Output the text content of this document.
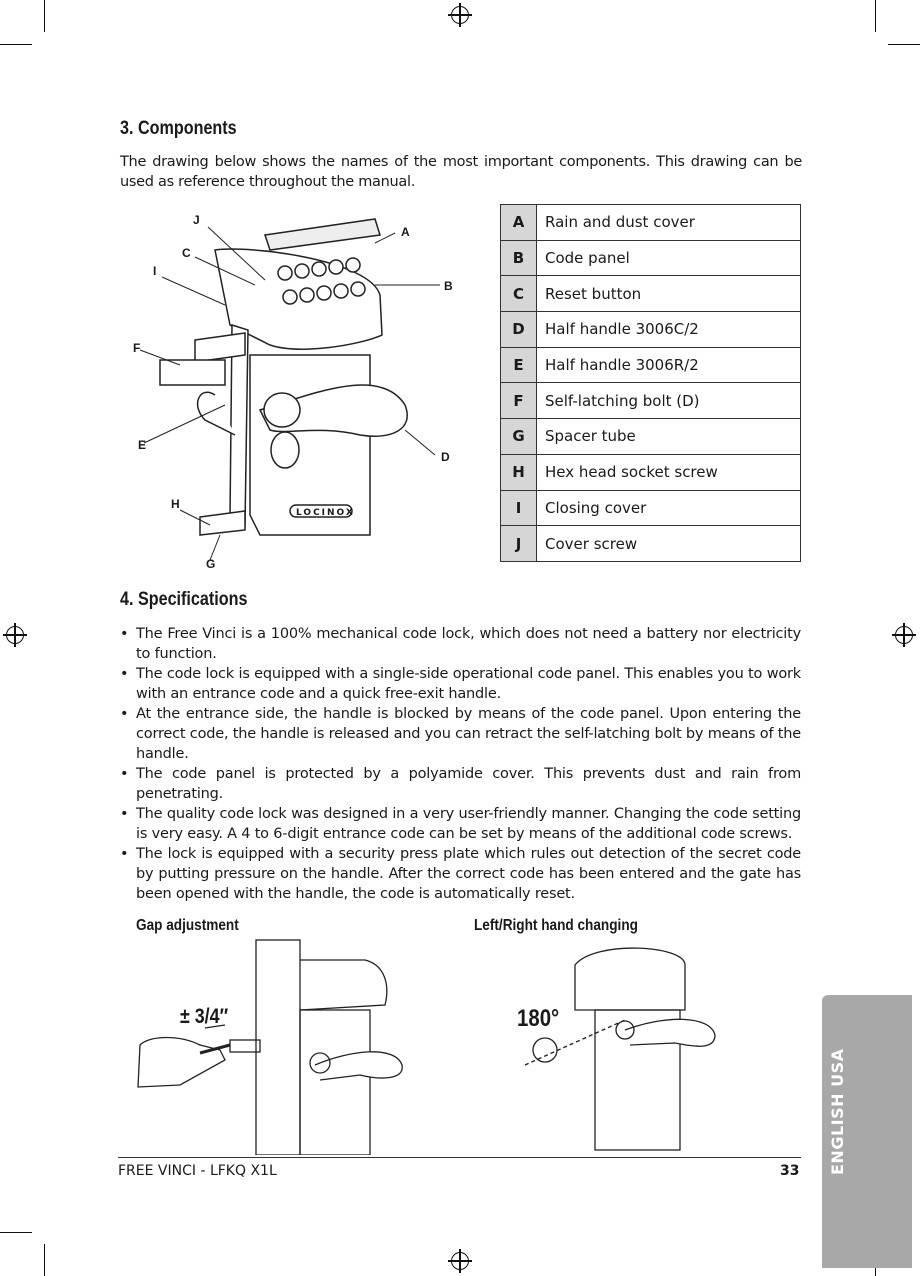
3. Components
The drawing below shows the names of the most important components. This drawing can be used as reference throughout the manual.
J
A
C
I
B
F
E
D
H
G
LOCINOX
A	Rain and dust cover
B	Code panel
C	Reset button
D	Half handle 3006C/2
E	Half handle 3006R/2
F	Self-latching bolt (D)
G	Spacer tube
H	Hex head socket screw
I	Closing cover
J	Cover screw
4. Specifications
• The Free Vinci is a 100% mechanical code lock, which does not need a battery nor electricity to function.
• The code lock is equipped with a single-side operational code panel. This enables you to work with an entrance code and a quick free-exit handle.
• At the entrance side, the handle is blocked by means of the code panel. Upon entering the correct code, the handle is released and you can retract the self-latching bolt by means of the handle.
• The code panel is protected by a polyamide cover. This prevents dust and rain from penetrating.
• The quality code lock was designed in a very user-friendly manner. Changing the code setting is very easy. A 4 to 6-digit entrance code can be set by means of the additional code screws.
• The lock is equipped with a security press plate which rules out detection of the secret code by putting pressure on the handle. After the correct code has been entered and the gate has been opened with the handle, the code is automatically reset.
Gap adjustment	Left/Right hand changing
± 3/4″	180°
FREE VINCI - LFKQ X1L	33 ENGLISH USA
